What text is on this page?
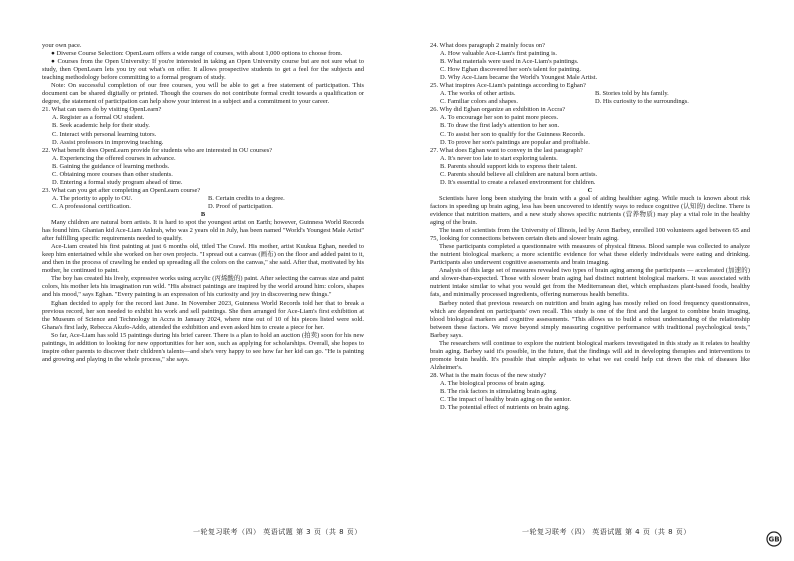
your own pace.

● Diverse Course Selection: OpenLearn offers a wide range of courses, with about 1,000 options to choose from.

● Courses from the Open University: If you're interested in taking an Open University course but are not sure what to study, then OpenLearn lets you try out what's on offer. It allows prospective students to get a feel for the subjects and teaching methodology before committing to a formal program of study.

Note: On successful completion of our free courses, you will be able to get a free statement of participation. This document can be shared digitally or printed. Though the courses do not contribute formal credit towards a qualification or degree, the statement of participation can help show your interest in a subject and a commitment to your career.

21. What can users do by visiting OpenLearn?

A. Register as a formal OU student.

B. Seek academic help for their study.

C. Interact with personal learning tutors.

D. Assist professors in improving teaching.

22. What benefit does OpenLearn provide for students who are interested in OU courses?

A. Experiencing the offered courses in advance.

B. Gaining the guidance of learning methods.

C. Obtaining more courses than other students.

D. Entering a formal study program ahead of time.

23. What can you get after completing an OpenLearn course?

A. The priority to apply to OU.	B. Certain credits to a degree.
C. A professional certification.	D. Proof of participation.

B

Many children are natural born artists. It is hard to spot the youngest artist on Earth; however, Guinness World Records has found him. Ghanian kid Ace-Liam Ankrah, who was 2 years old in July, has been named "World's Youngest Male Artist" after fulfilling specific requirements needed to qualify.

Ace-Liam created his first painting at just 6 months old, titled The Crawl. His mother, artist Kuukua Eghan, needed to keep him entertained while she worked on her own projects. "I spread out a canvas (画布) on the floor and added paint to it, and then in the process of crawling he ended up spreading all the colors on the canvas," she said. After that, motivated by his mother, he continued to paint.

The boy has created his lively, expressive works using acrylic (丙烯酸的) paint. After selecting the canvas size and paint colors, his mother lets his imagination run wild. "His abstract paintings are inspired by the world around him: colors, shapes and his mood," says Eghan. "Every painting is an expression of his curiosity and joy in discovering new things."

Eghan decided to apply for the record last June. In November 2023, Guinness World Records told her that to break a previous record, her son needed to exhibit his work and sell paintings. She then arranged for Ace-Liam's first exhibition at the Museum of Science and Technology in Accra in January 2024, where nine out of 10 of his pieces listed were sold. Ghana's first lady, Rebecca Akufo-Addo, attended the exhibition and even asked him to create a piece for her.

So far, Ace-Liam has sold 15 paintings during his brief career. There is a plan to hold an auction (拍卖) soon for his new paintings, in addition to looking for new opportunities for her son, such as applying for scholarships. Overall, she hopes to inspire other parents to discover their children's talents—and she's very happy to see how far her kid can go. "He is painting and growing and playing in the whole process," she says.

24. What does paragraph 2 mainly focus on?

A. How valuable Ace-Liam's first painting is.

B. What materials were used in Ace-Liam's paintings.

C. How Eghan discovered her son's talent for painting.

D. Why Ace-Liam became the World's Youngest Male Artist.

25. What inspires Ace-Liam's paintings according to Eghan?

A. The works of other artists.	B. Stories told by his family.
C. Familiar colors and shapes.	D. His curiosity to the surroundings.

26. Why did Eghan organize an exhibition in Accra?

A. To encourage her son to paint more pieces.

B. To draw the first lady's attention to her son.

C. To assist her son to qualify for the Guinness Records.

D. To prove her son's paintings are popular and profitable.

27. What does Eghan want to convey in the last paragraph?

A. It's never too late to start exploring talents.

B. Parents should support kids to express their talent.

C. Parents should believe all children are natural born artists.

D. It's essential to create a relaxed environment for children.

C

Scientists have long been studying the brain with a goal of aiding healthier aging. While much is known about risk factors in speeding up brain aging, less has been uncovered to identify ways to reduce cognitive (认知的) decline. There is evidence that nutrition matters, and a new study shows specific nutrients (营养物质) may play a vital role in the healthy aging of the brain.

The team of scientists from the University of Illinois, led by Aron Barbey, enrolled 100 volunteers aged between 65 and 75, looking for connections between certain diets and slower brain aging.

These participants completed a questionnaire with measures of physical fitness. Blood sample was collected to analyze the nutrient biological markers; a more scientific evidence for what these elderly individuals were eating and drinking. Participants also underwent cognitive assessments and brain imaging.

Analysis of this large set of measures revealed two types of brain aging among the participants — accelerated (加速的) and slower-than-expected. Those with slower brain aging had distinct nutrient biological markers. It was associated with nutrient intake similar to what you would get from the Mediterranean diet, which emphasizes plant-based foods, healthy fats, and minimally processed ingredients, offering numerous health benefits.

Barbey noted that previous research on nutrition and brain aging has mostly relied on food frequency questionnaires, which are dependent on participants' own recall. This study is one of the first and the largest to combine brain imaging, blood biological markers and cognitive assessments. "This allows us to build a robust understanding of the relationship between these factors. We move beyond simply measuring cognitive performance with traditional psychological tests," Barbey says.

The researchers will continue to explore the nutrient biological markers investigated in this study as it relates to healthy brain aging. Barbey said it's possible, in the future, that the findings will aid in developing therapies and interventions to promote brain health. It's possible that simple adjusts to what we eat could help cut down the risk of diseases like Alzheimer's.

28. What is the main focus of the new study?

A. The biological process of brain aging.

B. The risk factors in stimulating brain aging.

C. The impact of healthy brain aging on the senior.

D. The potential effect of nutrients on brain aging.

一轮复习联考（四） 英语试题 第 3 页（共 8 页）	一轮复习联考（四） 英语试题 第 4 页（共 8 页）
GB
